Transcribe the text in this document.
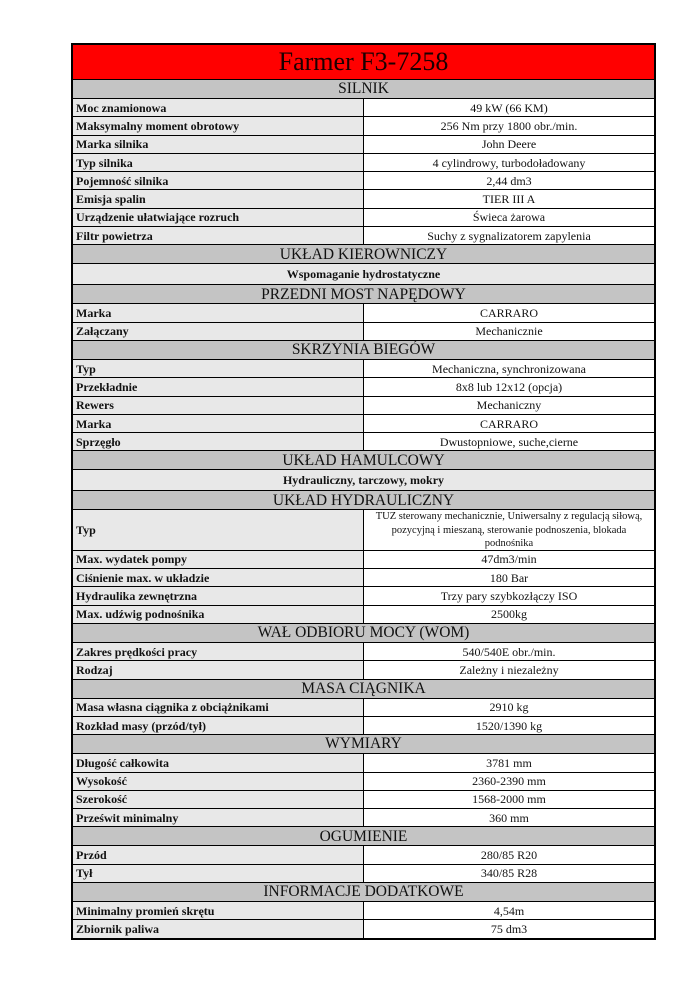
Farmer F3-7258	
SILNIK	
Moc znamionowa	49 kW (66 KM)
Maksymalny moment obrotowy	256 Nm przy 1800 obr./min.
Marka silnika	John Deere
Typ silnika	4 cylindrowy, turbodoładowany
Pojemność silnika	2,44 dm3
Emisja spalin	TIER III A
Urządzenie ułatwiające rozruch	Świeca żarowa
Filtr powietrza	Suchy z sygnalizatorem zapylenia
UKŁAD KIEROWNICZY	
Wspomaganie hydrostatyczne	
PRZEDNI MOST NAPĘDOWY	
Marka	CARRARO
Załączany	Mechanicznie
SKRZYNIA BIEGÓW	
Typ	Mechaniczna, synchronizowana
Przekładnie	8x8 lub 12x12 (opcja)
Rewers	Mechaniczny
Marka	CARRARO
Sprzęgło	Dwustopniowe, suche,cierne
UKŁAD HAMULCOWY	
Hydrauliczny, tarczowy, mokry	
UKŁAD HYDRAULICZNY	
Typ	TUZ sterowany mechanicznie, Uniwersalny z regulacją siłową, pozycyjną i mieszaną, sterowanie podnoszenia, blokada podnośnika
Max. wydatek pompy	47dm3/min
Ciśnienie max. w układzie	180 Bar
Hydraulika zewnętrzna	Trzy pary szybkozłączy ISO
Max. udźwig podnośnika	2500kg
WAŁ ODBIORU MOCY (WOM)	
Zakres prędkości pracy	540/540E obr./min.
Rodzaj	Zależny i niezależny
MASA CIĄGNIKA	
Masa własna ciągnika z obciążnikami	2910 kg
Rozkład masy (przód/tył)	1520/1390 kg
WYMIARY	
Długość całkowita	3781 mm
Wysokość	2360-2390 mm
Szerokość	1568-2000 mm
Prześwit minimalny	360 mm
OGUMIENIE	
Przód	280/85 R20
Tył	340/85 R28
INFORMACJE DODATKOWE	
Minimalny promień skrętu	4,54m
Zbiornik paliwa	75 dm3
